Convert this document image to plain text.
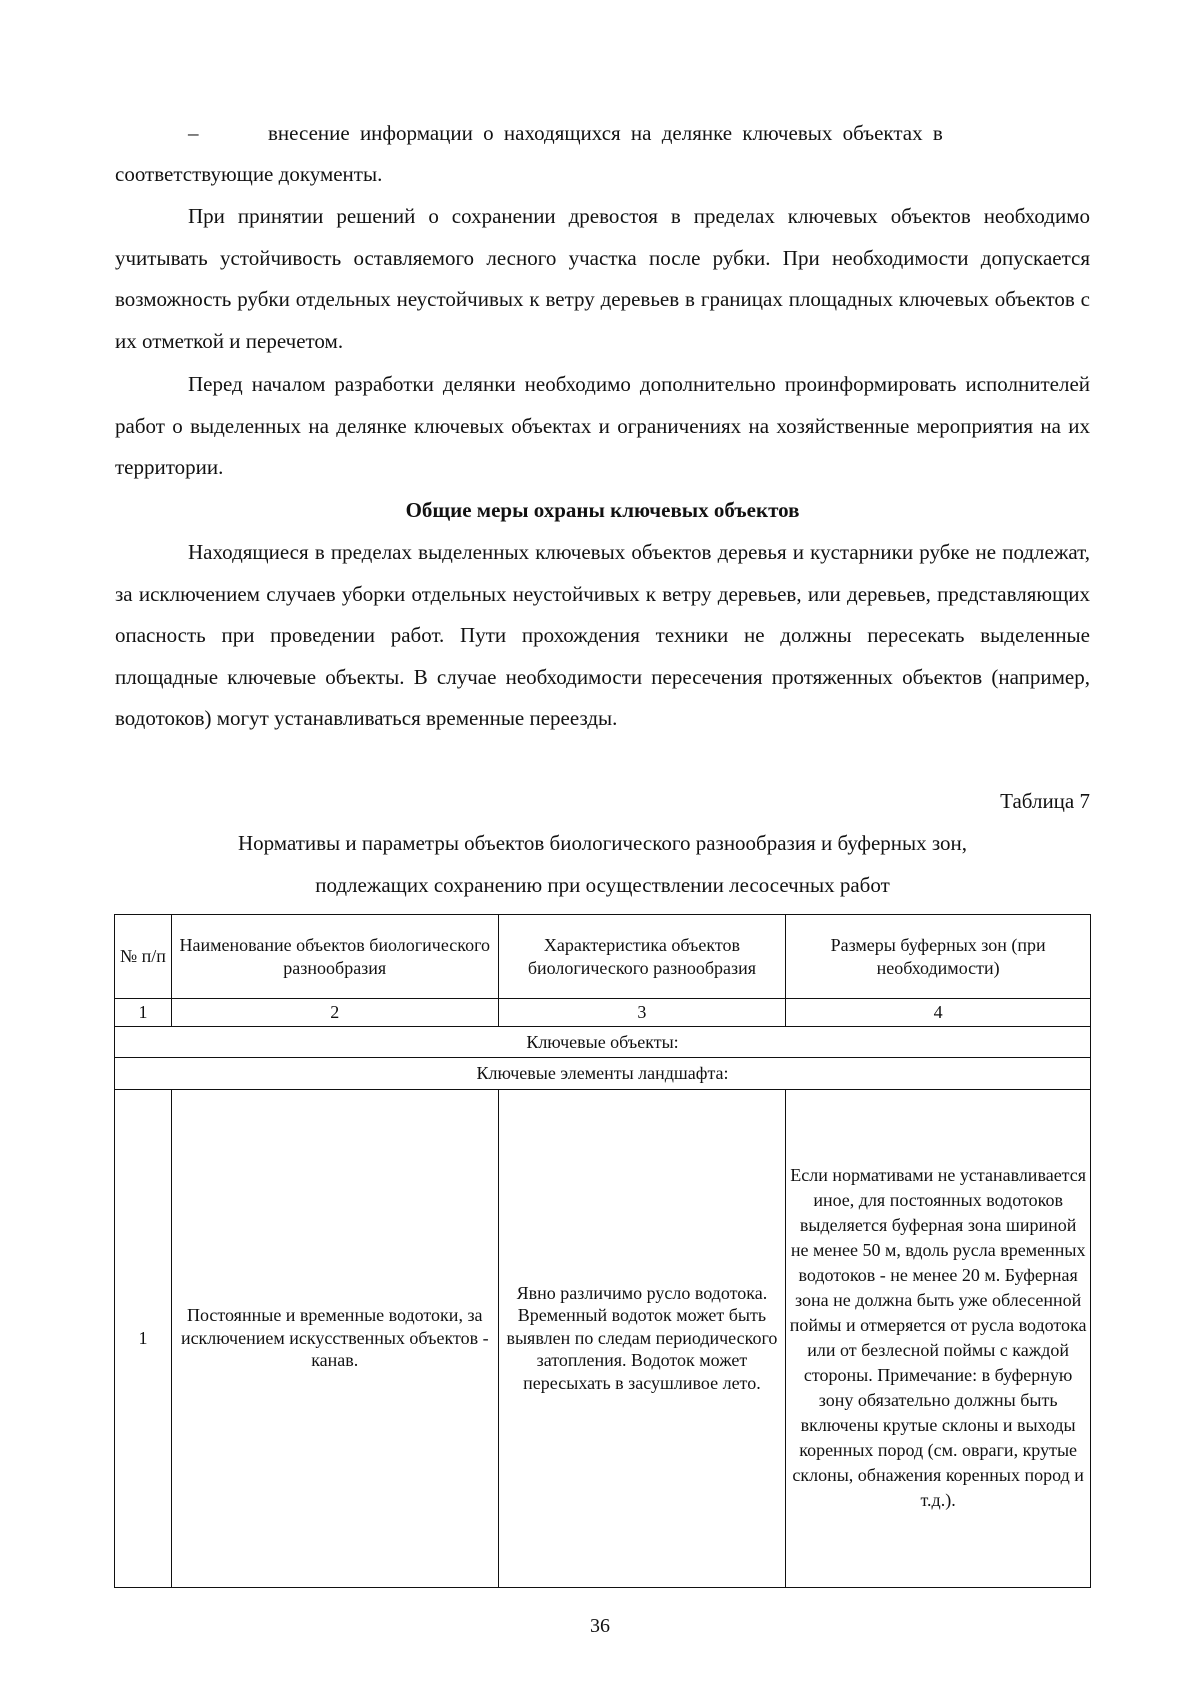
–	внесение информации о находящихся на делянке ключевых объектах в

соответствующие документы.

При принятии решений о сохранении древостоя в пределах ключевых объектов необходимо учитывать устойчивость оставляемого лесного участка после рубки. При необходимости допускается возможность рубки отдельных неустойчивых к ветру деревьев в границах площадных ключевых объектов с их отметкой и перечетом.

Перед началом разработки делянки необходимо дополнительно проинформировать исполнителей работ о выделенных на делянке ключевых объектах и ограничениях на хозяйственные мероприятия на их территории.

Общие меры охраны ключевых объектов

Находящиеся в пределах выделенных ключевых объектов деревья и кустарники рубке не подлежат, за исключением случаев уборки отдельных неустойчивых к ветру деревьев, или деревьев, представляющих опасность при проведении работ. Пути прохождения техники не должны пересекать выделенные площадные ключевые объекты. В случае необходимости пересечения протяженных объектов (например, водотоков) могут устанавливаться временные переезды.

Таблица 7
Нормативы и параметры объектов биологического разнообразия и буферных зон,
подлежащих сохранению при осуществлении лесосечных работ
№ п/п	Наименование объектов биологического разнообразия	Характеристика объектов биологического разнообразия	Размеры буферных зон (при необходимости)
1	2	3	4
Ключевые объекты:			
Ключевые элементы ландшафта:			
1	Постоянные и временные водотоки, за исключением искусственных объектов - канав.	Явно различимо русло водотока. Временный водоток может быть выявлен по следам периодического затопления. Водоток может пересыхать в засушливое лето.	Если нормативами не устанавливается иное, для постоянных водотоков выделяется буферная зона шириной не менее 50 м, вдоль русла временных водотоков - не менее 20 м. Буферная зона не должна быть уже облесенной поймы и отмеряется от русла водотока или от безлесной поймы с каждой стороны. Примечание: в буферную зону обязательно должны быть включены крутые склоны и выходы коренных пород (см. овраги, крутые склоны, обнажения коренных пород и т.д.).
36
